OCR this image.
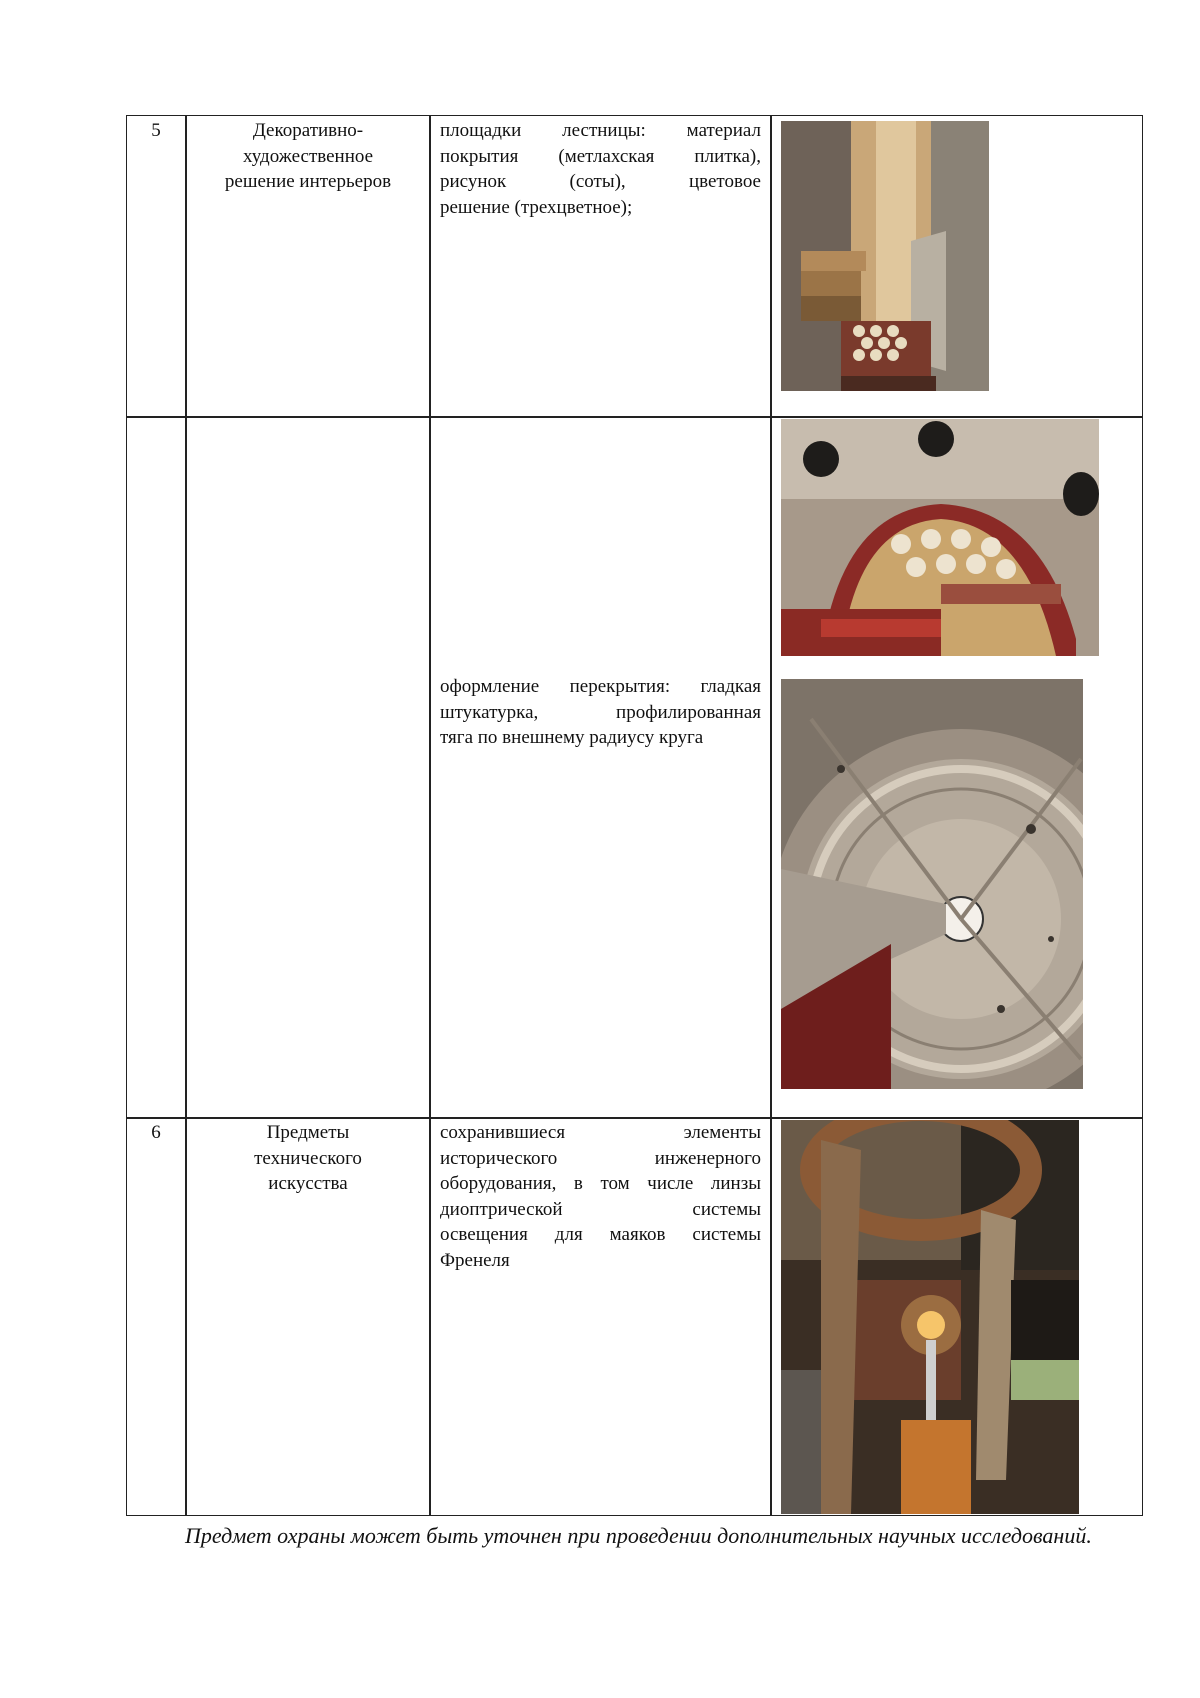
5	Декоративно-
художественное
решение интерьеров
площадки лестницы: материал
покрытия (метлахская плитка),
рисунок (соты), цветовое
решение (трехцветное);
оформление перекрытия: гладкая
штукатурка, профилированная
тяга по внешнему радиусу круга
6	Предметы
технического
искусства
сохранившиеся элементы
исторического инженерного
оборудования, в том числе линзы
диоптрической системы
освещения для маяков системы
Френеля
Предмет охраны может быть уточнен при проведении дополнительных научных исследований.
